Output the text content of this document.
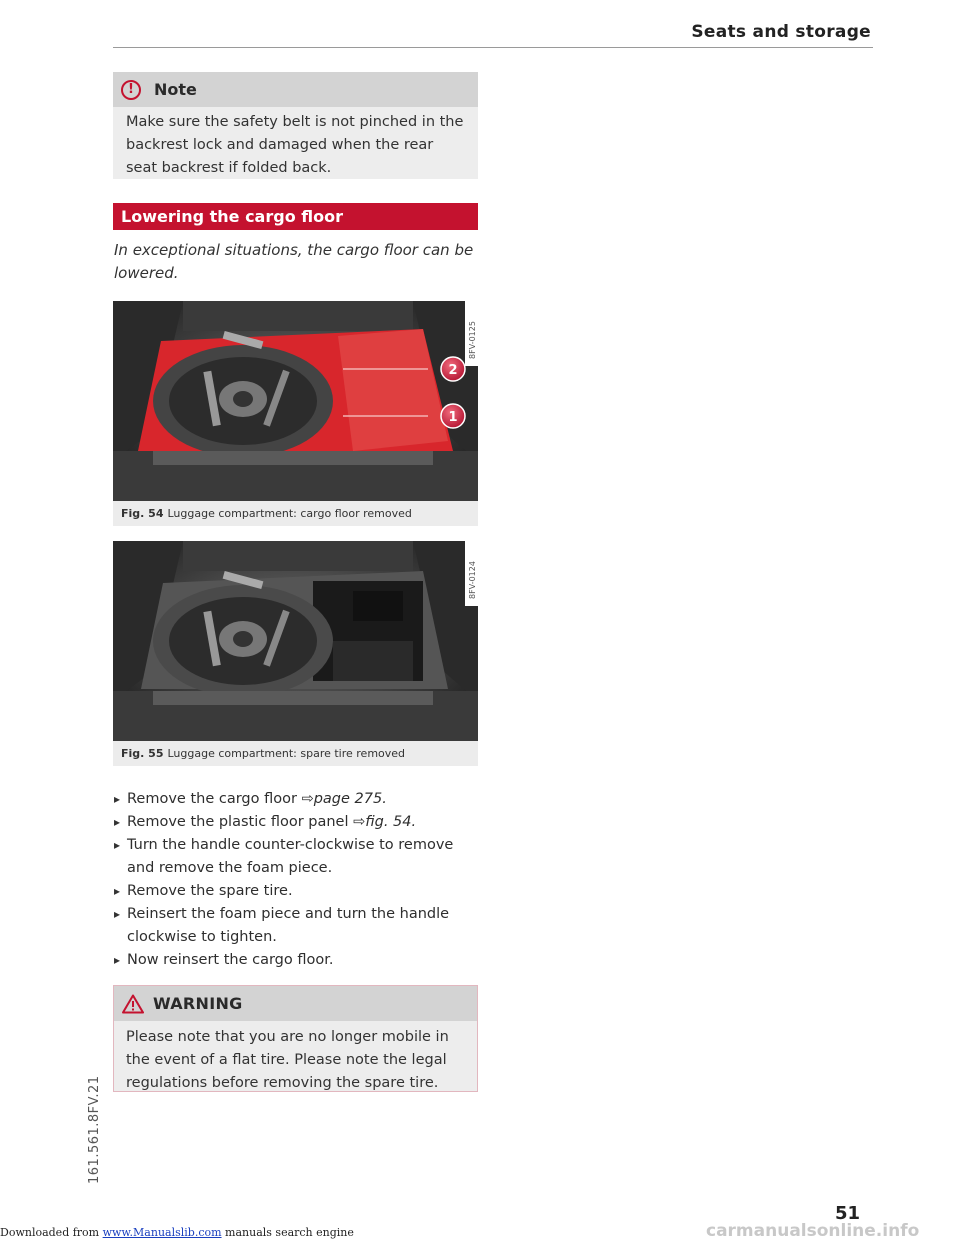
Seats and storage
!	Note
Make sure the safety belt is not pinched in the
backrest lock and damaged when the rear
seat backrest if folded back.
Lowering the cargo floor
In exceptional situations, the cargo floor can be
lowered.
2
1
8FV-0125
Fig. 54 Luggage compartment: cargo floor removed
8FV-0124
Fig. 55 Luggage compartment: spare tire removed
▸ Remove the cargo floor ⇨page 275.
▸ Remove the plastic floor panel ⇨fig. 54.
▸ Turn the handle counter-clockwise to remove
and remove the foam piece.
▸ Remove the spare tire.
▸ Reinsert the foam piece and turn the handle
clockwise to tighten.
▸ Now reinsert the cargo floor.
WARNING
Please note that you are no longer mobile in
the event of a flat tire. Please note the legal
regulations before removing the spare tire.
161.561.8FV.21
51
Downloaded from www.Manualslib.com manuals search engine	carmanualsonline.info
